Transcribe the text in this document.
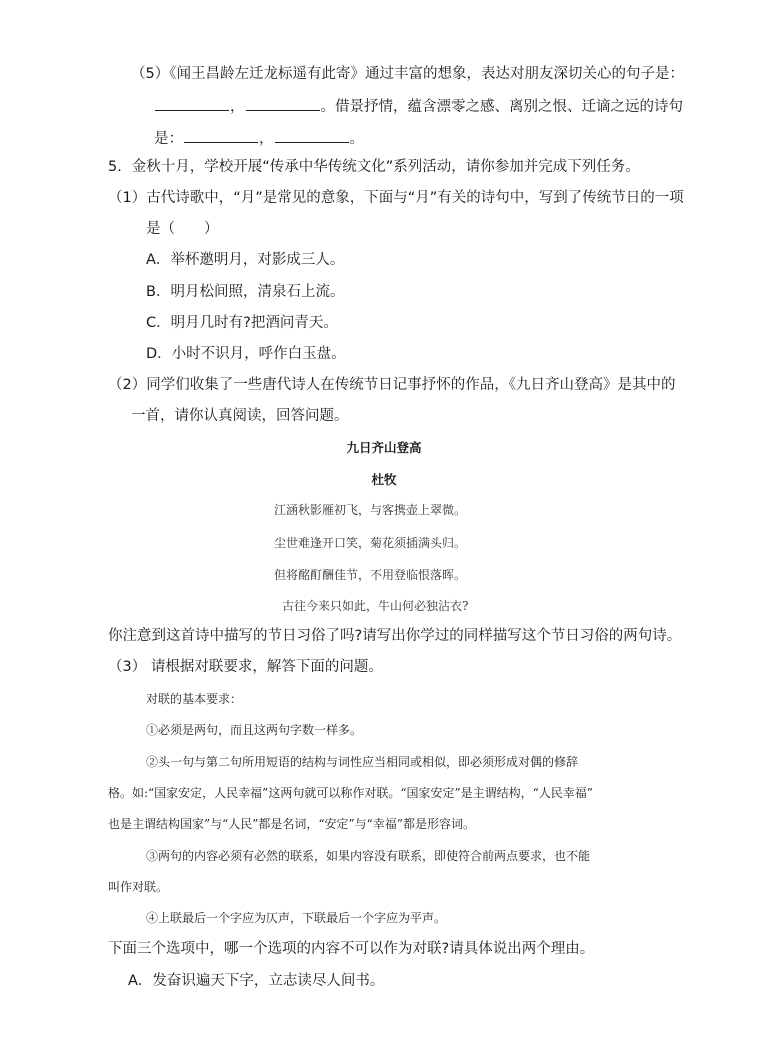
（5）《闻王昌龄左迁龙标遥有此寄》通过丰富的想象，表达对朋友深切关心的句子是：
，	。借景抒情，蕴含漂零之感、离别之恨、迁谪之远的诗句
是：	，	。
5．金秋十月，学校开展“传承中华传统文化”系列活动，请你参加并完成下列任务。
（1）古代诗歌中，“月”是常见的意象，下面与“月”有关的诗句中，写到了传统节日的一项
是（　　）
A．举杯邀明月，对影成三人。
B．明月松间照，清泉石上流。
C．明月几时有?把酒问青天。
D．小时不识月，呼作白玉盘。
（2）同学们收集了一些唐代诗人在传统节日记事抒怀的作品，《九日齐山登高》是其中的
一首，请你认真阅读，回答问题。
九日齐山登高
杜牧
江涵秋影雁初飞，与客携壶上翠微。
尘世难逢开口笑，菊花须插满头归。
但将酩酊酬佳节，不用登临恨落晖。
古往今来只如此，牛山何必独沾衣?
你注意到这首诗中描写的节日习俗了吗?请写出你学过的同样描写这个节日习俗的两句诗。
（3） 请根据对联要求，解答下面的问题。
对联的基本要求：
①必须是两句，而且这两句字数一样多。
②头一句与第二句所用短语的结构与词性应当相同或相似，即必须形成对偶的修辞
格。如:“国家安定，人民幸福”这两句就可以称作对联。“国家安定”是主谓结构，“人民幸福”
也是主谓结构国家”与“人民”都是名词，“安定”与“幸福”都是形容词。
③两句的内容必须有必然的联系，如果内容没有联系，即使符合前两点要求，也不能
叫作对联。
④上联最后一个字应为仄声，下联最后一个字应为平声。
下面三个选项中，哪一个选项的内容不可以作为对联?请具体说出两个理由。
A．发奋识遍天下字，立志读尽人间书。
